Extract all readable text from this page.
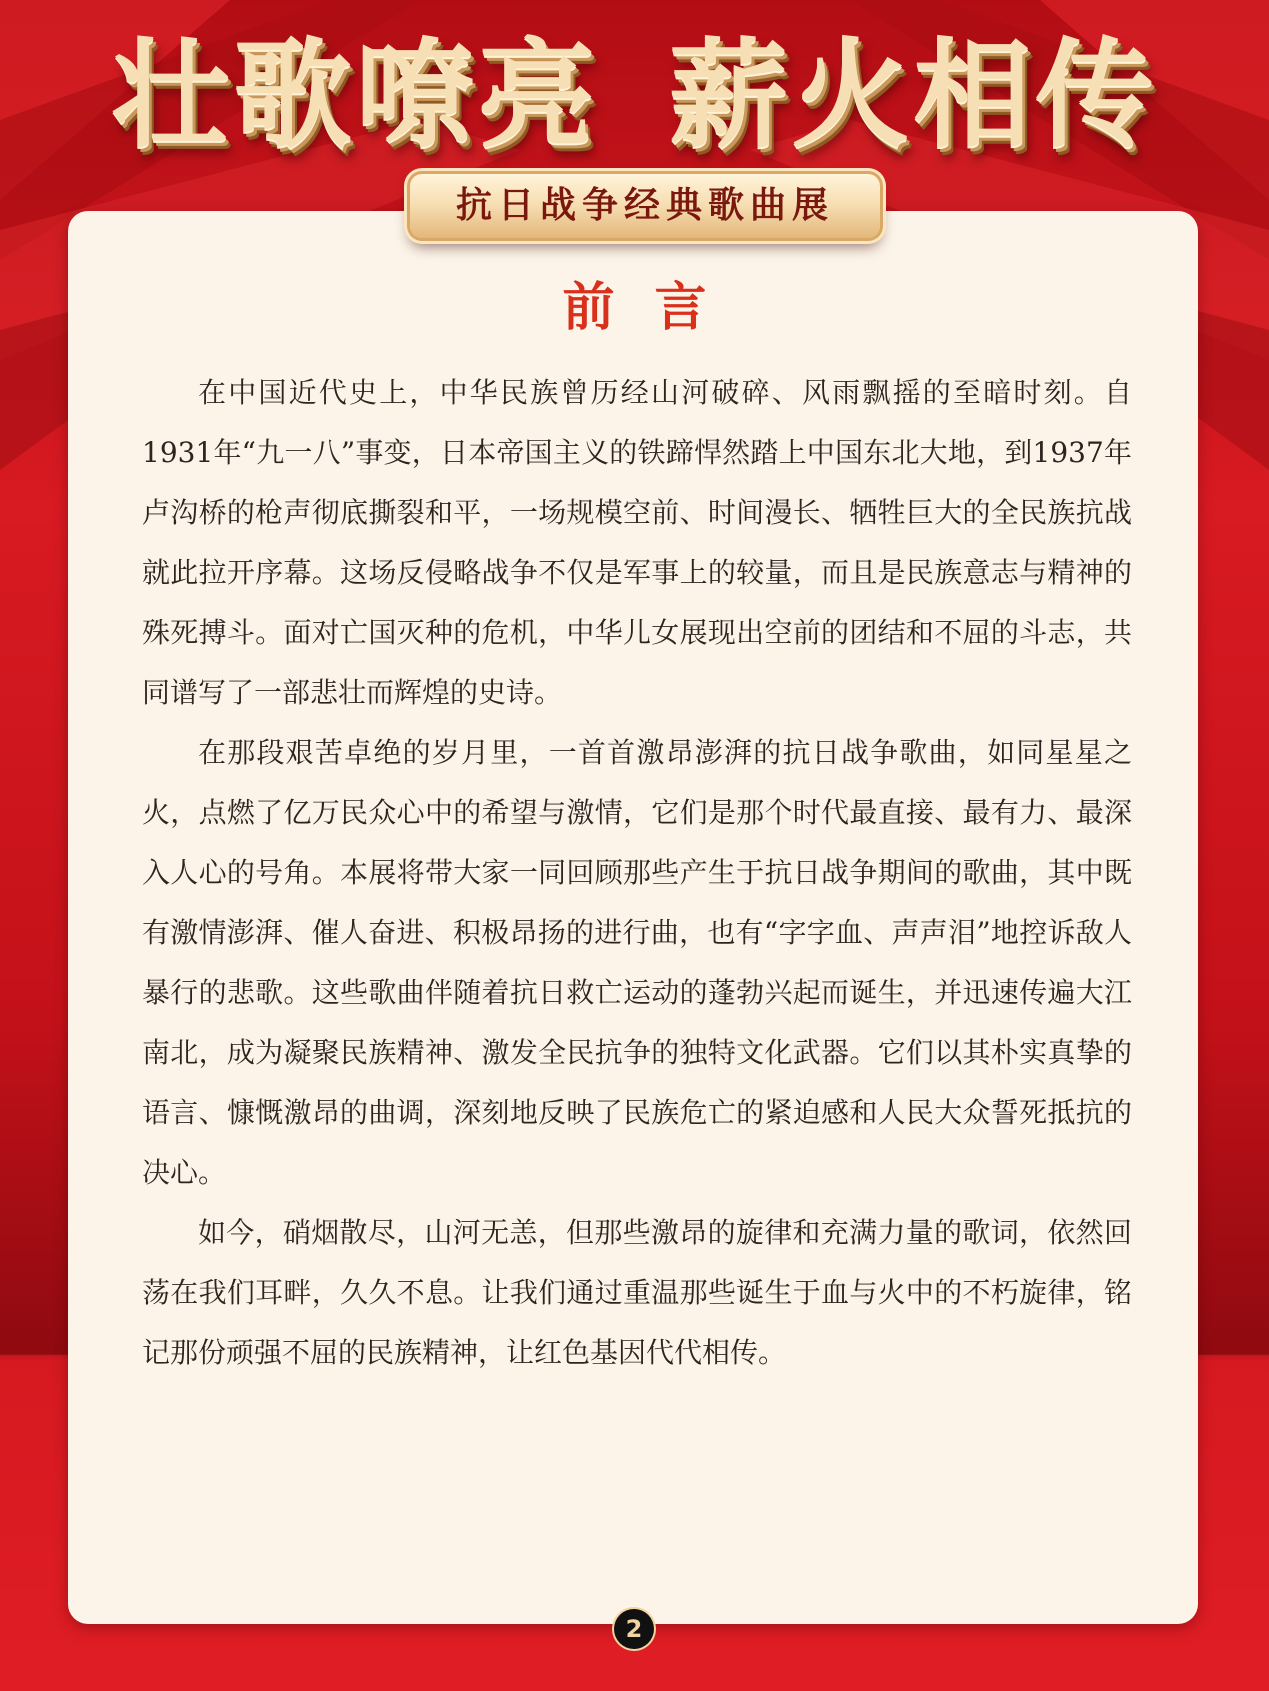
壮歌嘹亮 薪火相传
抗日战争经典歌曲展
前言

在中国近代史上，中华民族曾历经山河破碎、风雨飘摇的至暗时刻。自1931年“九一八”事变，日本帝国主义的铁蹄悍然踏上中国东北大地，到1937年卢沟桥的枪声彻底撕裂和平，一场规模空前、时间漫长、牺牲巨大的全民族抗战就此拉开序幕。这场反侵略战争不仅是军事上的较量，而且是民族意志与精神的殊死搏斗。面对亡国灭种的危机，中华儿女展现出空前的团结和不屈的斗志，共同谱写了一部悲壮而辉煌的史诗。

在那段艰苦卓绝的岁月里，一首首激昂澎湃的抗日战争歌曲，如同星星之火，点燃了亿万民众心中的希望与激情，它们是那个时代最直接、最有力、最深入人心的号角。本展将带大家一同回顾那些产生于抗日战争期间的歌曲，其中既有激情澎湃、催人奋进、积极昂扬的进行曲，也有“字字血、声声泪”地控诉敌人暴行的悲歌。这些歌曲伴随着抗日救亡运动的蓬勃兴起而诞生，并迅速传遍大江南北，成为凝聚民族精神、激发全民抗争的独特文化武器。它们以其朴实真挚的语言、慷慨激昂的曲调，深刻地反映了民族危亡的紧迫感和人民大众誓死抵抗的决心。

如今，硝烟散尽，山河无恙，但那些激昂的旋律和充满力量的歌词，依然回荡在我们耳畔，久久不息。让我们通过重温那些诞生于血与火中的不朽旋律，铭记那份顽强不屈的民族精神，让红色基因代代相传。

2
